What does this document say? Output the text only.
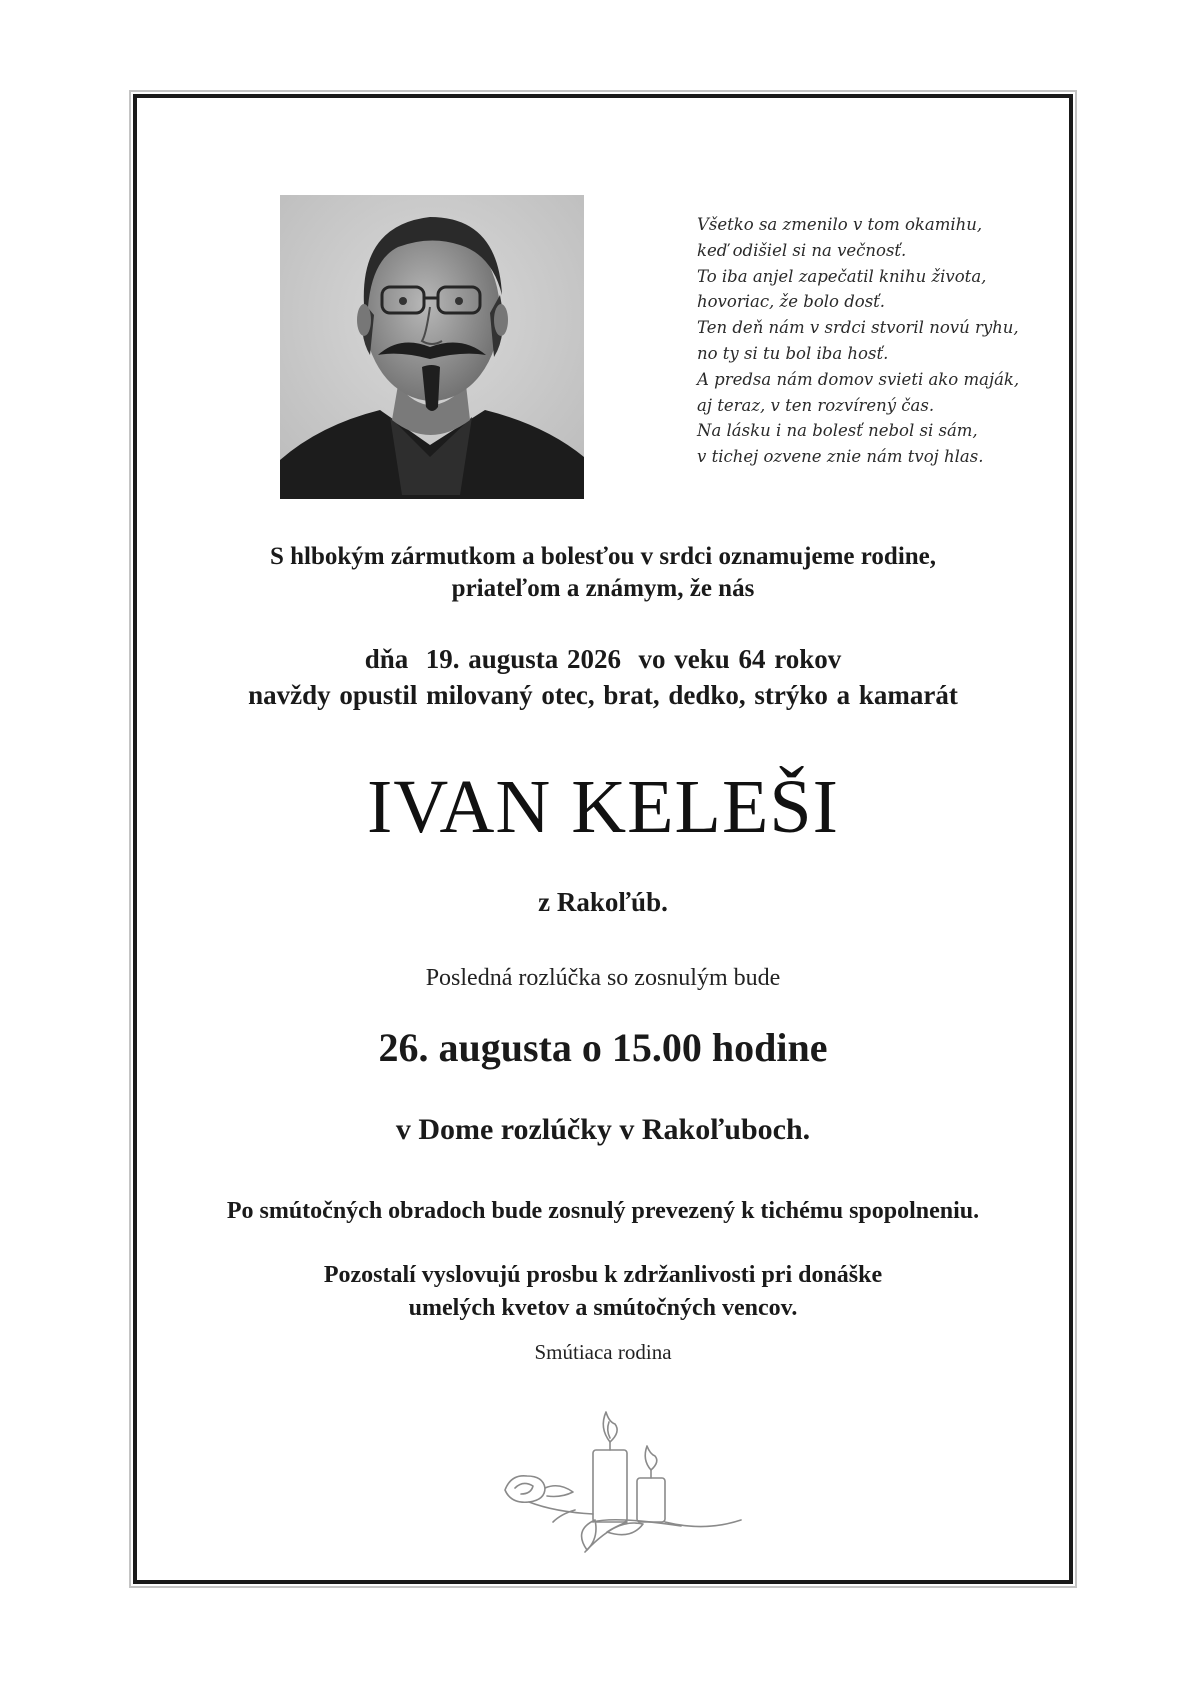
Všetko sa zmenilo v tom okamihu,
keď odišiel si na večnosť.
To iba anjel zapečatil knihu života,
hovoriac, že bolo dosť.
Ten deň nám v srdci stvoril novú ryhu,
no ty si tu bol iba hosť.
A predsa nám domov svieti ako maják,
aj teraz, v ten rozvírený čas.
Na lásku i na bolesť nebol si sám,
v tichej ozvene znie nám tvoj hlas.
S hlbokým zármutkom a bolesťou v srdci oznamujeme rodine,
priateľom a známym, že nás
dňa  19. augusta 2026  vo veku 64 rokov
navždy opustil milovaný otec, brat, dedko, strýko a kamarát
IVAN KELEŠI
z Rakoľúb.
Posledná rozlúčka so zosnulým bude
26. augusta o 15.00 hodine
v Dome rozlúčky v Rakoľuboch.
Po smútočných obradoch bude zosnulý prevezený k tichému spopolneniu.
Pozostalí vyslovujú prosbu k zdržanlivosti pri donáške
umelých kvetov a smútočných vencov.
Smútiaca rodina
